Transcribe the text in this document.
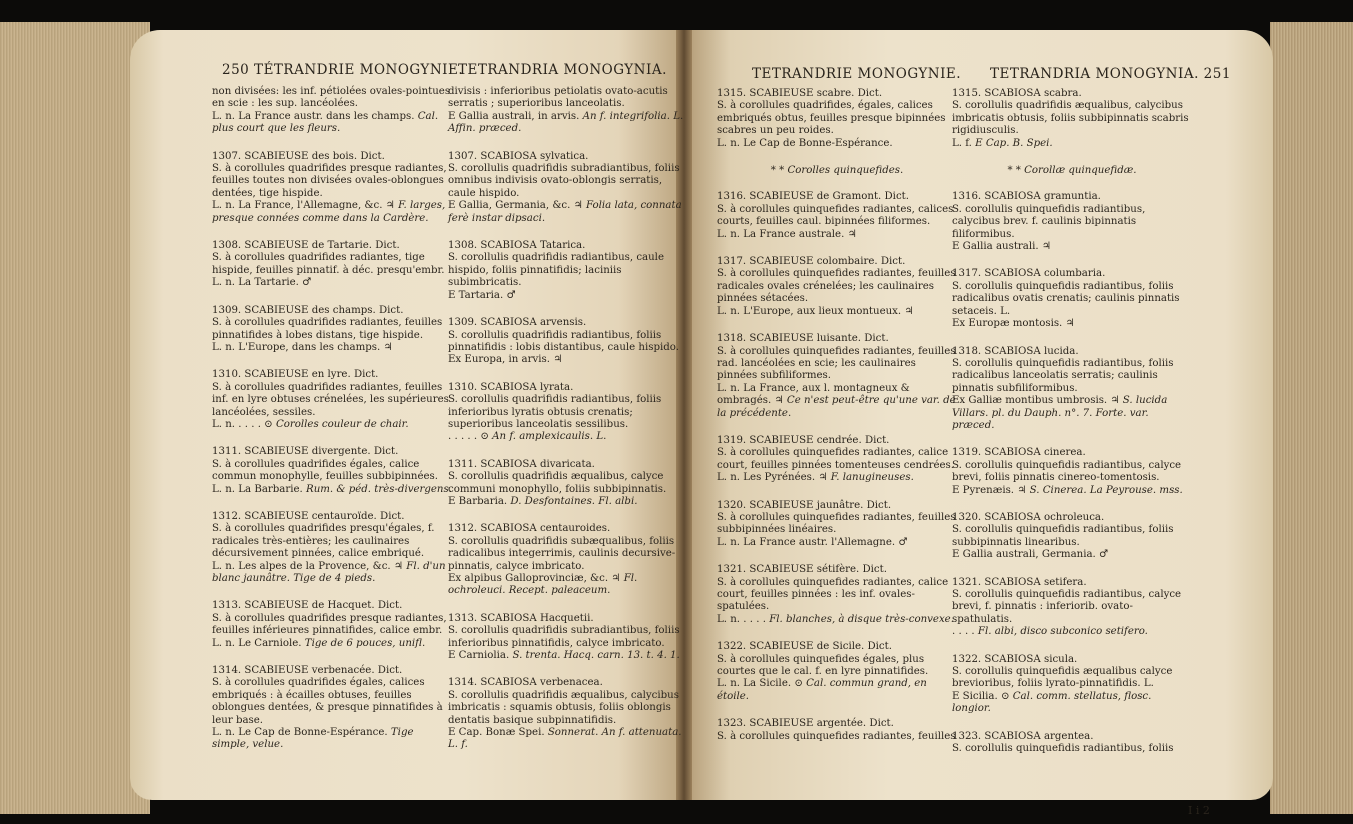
250 TÉTRANDRIE MONOGYNIE.
TETRANDRIA MONOGYNIA.	TETRANDRIE MONOGYNIE. TETRANDRIA MONOGYNIA. 251

non divisées: les inf. pétiolées ovales-pointues en scie : les sup. lancéolées.

L. n. La France austr. dans les champs. Cal. plus court que les fleurs.

1307. SCABIEUSE des bois. Dict.

S. à corollules quadrifides presque radiantes, feuilles toutes non divisées ovales-oblongues dentées, tige hispide.

L. n. La France, l'Allemagne, &c. ♃ F. larges, presque connées comme dans la Cardère.

1308. SCABIEUSE de Tartarie. Dict.

S. à corollules quadrifides radiantes, tige hispide, feuilles pinnatif. à déc. presqu'embr.

L. n. La Tartarie. ♂

1309. SCABIEUSE des champs. Dict.

S. à corollules quadrifides radiantes, feuilles pinnatifides à lobes distans, tige hispide.

L. n. L'Europe, dans les champs. ♃

1310. SCABIEUSE en lyre. Dict.

S. à corollules quadrifides radiantes, feuilles inf. en lyre obtuses crénelées, les supérieures lancéolées, sessiles.

L. n. . . . . ⊙ Corolles couleur de chair.

1311. SCABIEUSE divergente. Dict.

S. à corollules quadrifides égales, calice commun monophylle, feuilles subbipinnées.

L. n. La Barbarie. Rum. & péd. très-divergens.

1312. SCABIEUSE centauroïde. Dict.

S. à corollules quadrifides presqu'égales, f. radicales très-entières; les caulinaires décursivement pinnées, calice embriqué.

L. n. Les alpes de la Provence, &c. ♃ Fl. d'un blanc jaunâtre. Tige de 4 pieds.

1313. SCABIEUSE de Hacquet. Dict.

S. à corollules quadrifides presque radiantes, feuilles inférieures pinnatifides, calice embr.

L. n. Le Carniole. Tige de 6 pouces, unifl.

1314. SCABIEUSE verbenacée. Dict.

S. à corollules quadrifides égales, calices embriqués : à écailles obtuses, feuilles oblongues dentées, & presque pinnatifides à leur base.

L. n. Le Cap de Bonne-Espérance. Tige simple, velue.

divisis : inferioribus petiolatis ovato-acutis serratis ; superioribus lanceolatis.

E Gallia australi, in arvis. An f. integrifolia. L. Affin. præced.

1307. SCABIOSA sylvatica.

S. corollulis quadrifidis subradiantibus, foliis omnibus indivisis ovato-oblongis serratis, caule hispido.

E Gallia, Germania, &c. ♃ Folia lata, connata ferè instar dipsaci.

1308. SCABIOSA Tatarica.

S. corollulis quadrifidis radiantibus, caule hispido, foliis pinnatifidis; laciniis subimbricatis.

E Tartaria. ♂

1309. SCABIOSA arvensis.

S. corollulis quadrifidis radiantibus, foliis pinnatifidis : lobis distantibus, caule hispido.

Ex Europa, in arvis. ♃

1310. SCABIOSA lyrata.

S. corollulis quadrifidis radiantibus, foliis inferioribus lyratis obtusis crenatis; superioribus lanceolatis sessilibus.

. . . . . ⊙ An f. amplexicaulis. L.

1311. SCABIOSA divaricata.

S. corollulis quadrifidis æqualibus, calyce communi monophyllo, foliis subbipinnatis.

E Barbaria. D. Desfontaines. Fl. albi.

1312. SCABIOSA centauroides.

S. corollulis quadrifidis subæqualibus, foliis radicalibus integerrimis, caulinis decursive-pinnatis, calyce imbricato.

Ex alpibus Galloprovinciæ, &c. ♃ Fl. ochroleuci. Recept. paleaceum.

1313. SCABIOSA Hacquetii.

S. corollulis quadrifidis subradiantibus, foliis inferioribus pinnatifidis, calyce imbricato.

E Carniolia. S. trenta. Hacq. carn. 13. t. 4. 1.

1314. SCABIOSA verbenacea.

S. corollulis quadrifidis æqualibus, calycibus imbricatis : squamis obtusis, foliis oblongis dentatis basique subpinnatifidis.

E Cap. Bonæ Spei. Sonnerat. An f. attenuata. L. f.

1315. SCABIEUSE scabre. Dict.

S. à corollules quadrifides, égales, calices embriqués obtus, feuilles presque bipinnées scabres un peu roides.

L. n. Le Cap de Bonne-Espérance.

* * Corolles quinquefides.

1316. SCABIEUSE de Gramont. Dict.

S. à corollules quinquefides radiantes, calices courts, feuilles caul. bipinnées filiformes.

L. n. La France australe. ♃

1317. SCABIEUSE colombaire. Dict.

S. à corollules quinquefides radiantes, feuilles radicales ovales crénelées; les caulinaires pinnées sétacées.

L. n. L'Europe, aux lieux montueux. ♃

1318. SCABIEUSE luisante. Dict.

S. à corollules quinquefides radiantes, feuilles rad. lancéolées en scie; les caulinaires pinnées subfiliformes.

L. n. La France, aux l. montagneux & ombragés. ♃ Ce n'est peut-être qu'une var. de la précédente.

1319. SCABIEUSE cendrée. Dict.

S. à corollules quinquefides radiantes, calice court, feuilles pinnées tomenteuses cendrées.

L. n. Les Pyrénées. ♃ F. lanugineuses.

1320. SCABIEUSE jaunâtre. Dict.

S. à corollules quinquefides radiantes, feuilles subbipinnées linéaires.

L. n. La France austr. l'Allemagne. ♂

1321. SCABIEUSE sétifère. Dict.

S. à corollules quinquefides radiantes, calice court, feuilles pinnées : les inf. ovales-spatulées.

L. n. . . . . Fl. blanches, à disque très-convexe.

1322. SCABIEUSE de Sicile. Dict.

S. à corollules quinquefides égales, plus courtes que le cal. f. en lyre pinnatifides.

L. n. La Sicile. ⊙ Cal. commun grand, en étoile.

1323. SCABIEUSE argentée. Dict.

S. à corollules quinquefides radiantes, feuilles

1315. SCABIOSA scabra.

S. corollulis quadrifidis æqualibus, calycibus imbricatis obtusis, foliis subbipinnatis scabris rigidiusculis.

L. f. E Cap. B. Spei.

* * Corollæ quinquefidæ.

1316. SCABIOSA gramuntia.

S. corollulis quinquefidis radiantibus, calycibus brev. f. caulinis bipinnatis filiformibus.

E Gallia australi. ♃

1317. SCABIOSA columbaria.

S. corollulis quinquefidis radiantibus, foliis radicalibus ovatis crenatis; caulinis pinnatis setaceis. L.

Ex Europæ montosis. ♃

1318. SCABIOSA lucida.

S. corollulis quinquefidis radiantibus, foliis radicalibus lanceolatis serratis; caulinis pinnatis subfiliformibus.

Ex Galliæ montibus umbrosis. ♃ S. lucida Villars. pl. du Dauph. n°. 7. Forte. var. præced.

1319. SCABIOSA cinerea.

S. corollulis quinquefidis radiantibus, calyce brevi, foliis pinnatis cinereo-tomentosis.

E Pyrenæis. ♃ S. Cinerea. La Peyrouse. mss.

1320. SCABIOSA ochroleuca.

S. corollulis quinquefidis radiantibus, foliis subbipinnatis linearibus.

E Gallia australi, Germania. ♂

1321. SCABIOSA setifera.

S. corollulis quinquefidis radiantibus, calyce brevi, f. pinnatis : inferiorib. ovato-spathulatis.

. . . . Fl. albi, disco subconico setifero.

1322. SCABIOSA sicula.

S. corollulis quinquefidis æqualibus calyce brevioribus, foliis lyrato-pinnatifidis. L.

E Sicilia. ⊙ Cal. comm. stellatus, flosc. longior.

1323. SCABIOSA argentea.

S. corollulis quinquefidis radiantibus, foliis

I i 2
